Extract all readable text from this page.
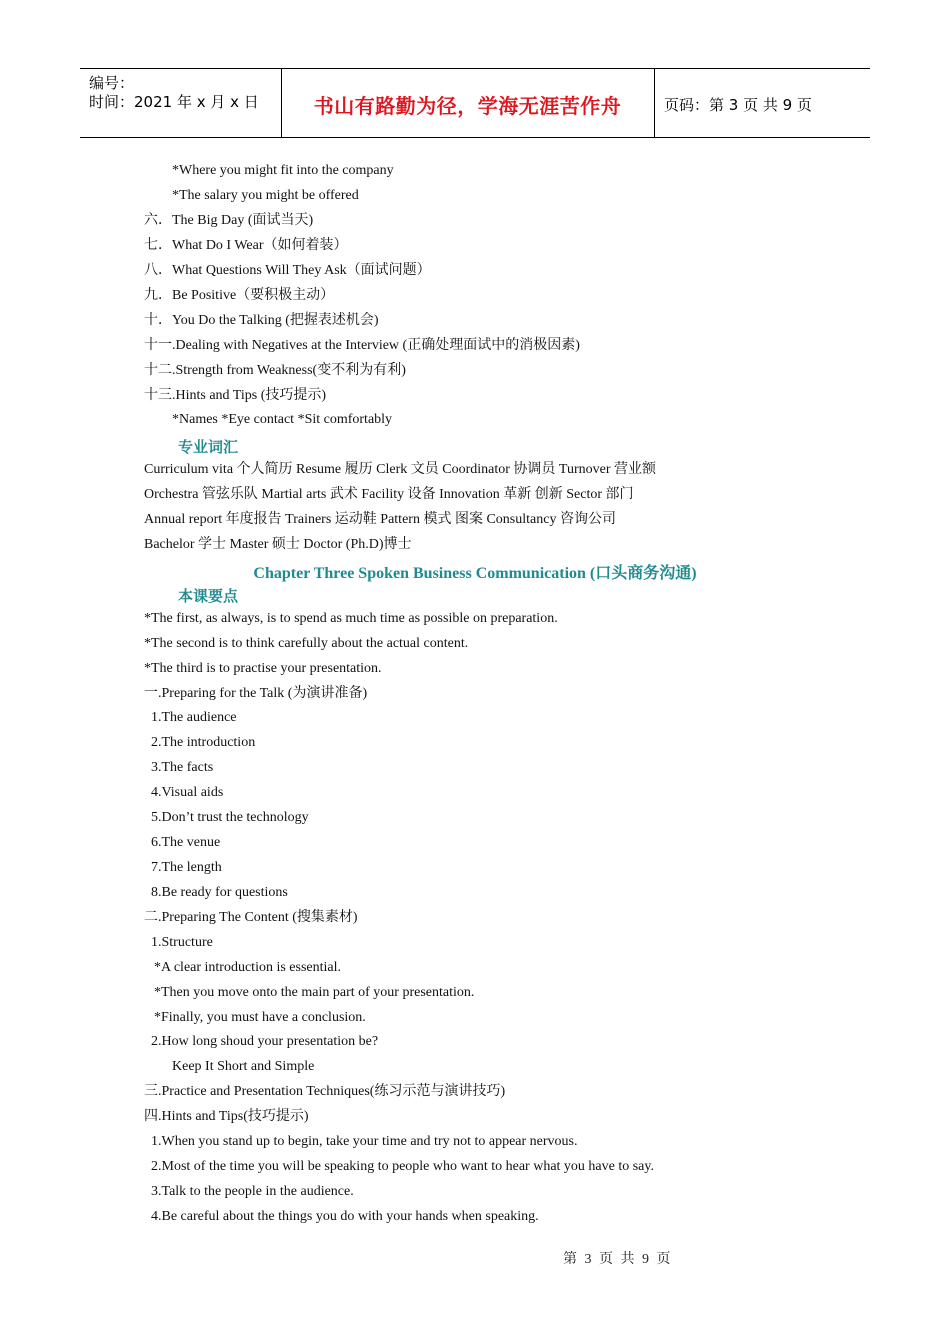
编号：
时间：2021 年 x 月 x 日	书山有路勤为径，学海无涯苦作舟	页码：第 3 页 共 9 页
*Where you might fit into the company
*The salary you might be offered
六．The Big Day (面试当天)
七．What Do I Wear（如何着装）
八．What Questions Will They Ask（面试问题）
九．Be Positive（要积极主动）
十．You Do the Talking (把握表述机会)
十一.Dealing with Negatives at the Interview (正确处理面试中的消极因素)
十二.Strength from Weakness(变不利为有利)
十三.Hints and Tips (技巧提示)
*Names *Eye contact *Sit comfortably
专业词汇
Curriculum vita 个人简历 Resume 履历 Clerk 文员 Coordinator 协调员 Turnover 营业额
Orchestra 管弦乐队 Martial arts 武术 Facility 设备 Innovation 革新 创新 Sector 部门
Annual report 年度报告 Trainers 运动鞋 Pattern 模式 图案 Consultancy 咨询公司
Bachelor 学士 Master 硕士 Doctor (Ph.D)博士
Chapter Three Spoken Business Communication (口头商务沟通)
本课要点
*The first, as always, is to spend as much time as possible on preparation.
*The second is to think carefully about the actual content.
*The third is to practise your presentation.
一.Preparing for the Talk (为演讲准备)
1.The audience
2.The introduction
3.The facts
4.Visual aids
5.Don’t trust the technology
6.The venue
7.The length
8.Be ready for questions
二.Preparing The Content (搜集素材)
1.Structure
*A clear introduction is essential.
*Then you move onto the main part of your presentation.
*Finally, you must have a conclusion.
2.How long shoud your presentation be?
Keep It Short and Simple
三.Practice and Presentation Techniques(练习示范与演讲技巧)
四.Hints and Tips(技巧提示)
1.When you stand up to begin, take your time and try not to appear nervous.
2.Most of the time you will be speaking to people who want to hear what you have to say.
3.Talk to the people in the audience.
4.Be careful about the things you do with your hands when speaking.
第 3 页 共 9 页
